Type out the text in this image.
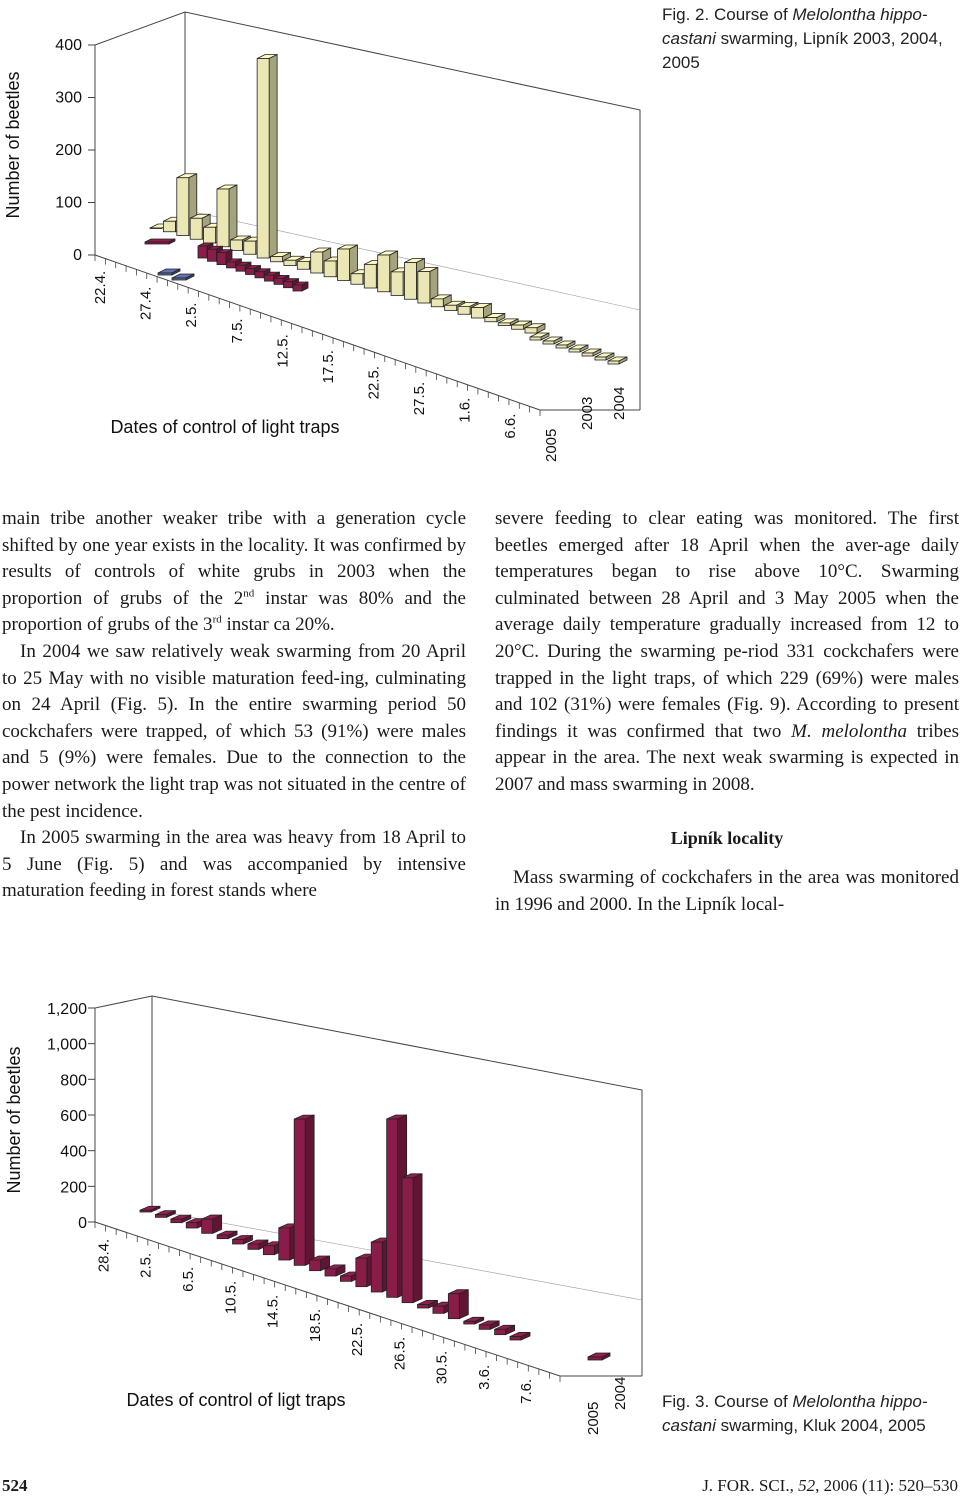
0
100
200
300
400
Number of beetles
22.4. 27.4. 2.5.
7.5.
12.5. 17.5. 22.5. 27.5. 1.6.
6.6.
Dates of control of light traps
2005
2003 2004
Fig. 2. Course of Melolontha hippo-castani swarming, Lipník 2003, 2004, 2005

main tribe another weaker tribe with a generation cycle shifted by one year exists in the locality. It was confirmed by results of controls of white grubs in 2003 when the proportion of grubs of the 2nd instar was 80% and the proportion of grubs of the 3rd instar ca 20%.

In 2004 we saw relatively weak swarming from 20 April to 25 May with no visible maturation feed-ing, culminating on 24 April (Fig. 5). In the entire swarming period 50 cockchafers were trapped, of which 53 (91%) were males and 5 (9%) were females. Due to the connection to the power network the light trap was not situated in the centre of the pest incidence.

In 2005 swarming in the area was heavy from 18 April to 5 June (Fig. 5) and was accompanied by intensive maturation feeding in forest stands where

severe feeding to clear eating was monitored. The first beetles emerged after 18 April when the aver-age daily temperatures began to rise above 10°C. Swarming culminated between 28 April and 3 May 2005 when the average daily temperature gradually increased from 12 to 20°C. During the swarming pe-riod 331 cockchafers were trapped in the light traps, of which 229 (69%) were males and 102 (31%) were females (Fig. 9). According to present findings it was confirmed that two M. melolontha tribes appear in the area. The next weak swarming is expected in 2007 and mass swarming in 2008.

Lipník locality

Mass swarming of cockchafers in the area was monitored in 1996 and 2000. In the Lipník local-

0
200
400
600
800
1,000
1,200
Number of beetles
28.4. 2.5.
6.5.
10.5. 14.5. 18.5. 22.5. 26.5. 30.5. 3.6.
7.6.
Dates of control of ligt traps
2005
2004 Fig. 3. Course of Melolontha hippo-castani swarming, Kluk 2004, 2005
524	J. FOR. SCI., 52, 2006 (11): 520–530
